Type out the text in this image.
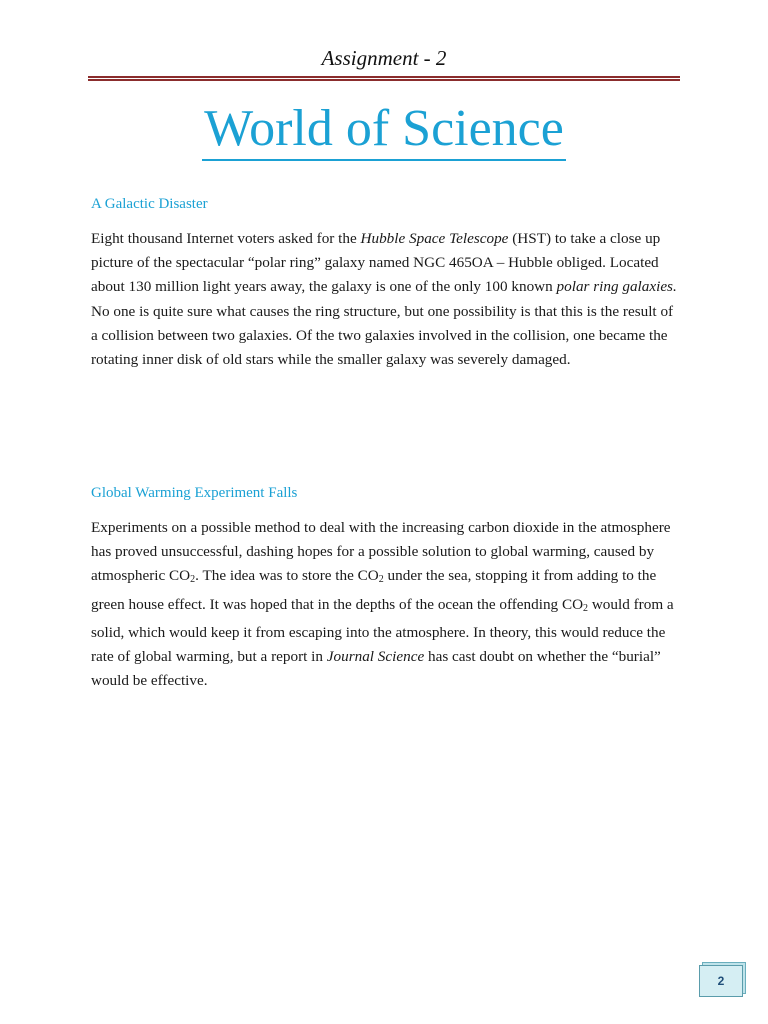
Assignment - 2
World of Science
A Galactic Disaster

Eight thousand Internet voters asked for the Hubble Space Telescope (HST) to take a close up picture of the spectacular “polar ring” galaxy named NGC 465OA – Hubble obliged. Located about 130 million light years away, the galaxy is one of the only 100 known polar ring galaxies. No one is quite sure what causes the ring structure, but one possibility is that this is the result of a collision between two galaxies. Of the two galaxies involved in the collision, one became the rotating inner disk of old stars while the smaller galaxy was severely damaged.

Global Warming Experiment Falls

Experiments on a possible method to deal with the increasing carbon dioxide in the atmosphere has proved unsuccessful, dashing hopes for a possible solution to global warming, caused by atmospheric $CO_2$. The idea was to store the $CO_2$ under the sea, stopping it from adding to the green house effect. It was hoped that in the depths of the ocean the offending $CO_2$ would from a solid, which would keep it from escaping into the atmosphere. In theory, this would reduce the rate of global warming, but a report in Journal Science has cast doubt on whether the “burial” would be effective.

2
